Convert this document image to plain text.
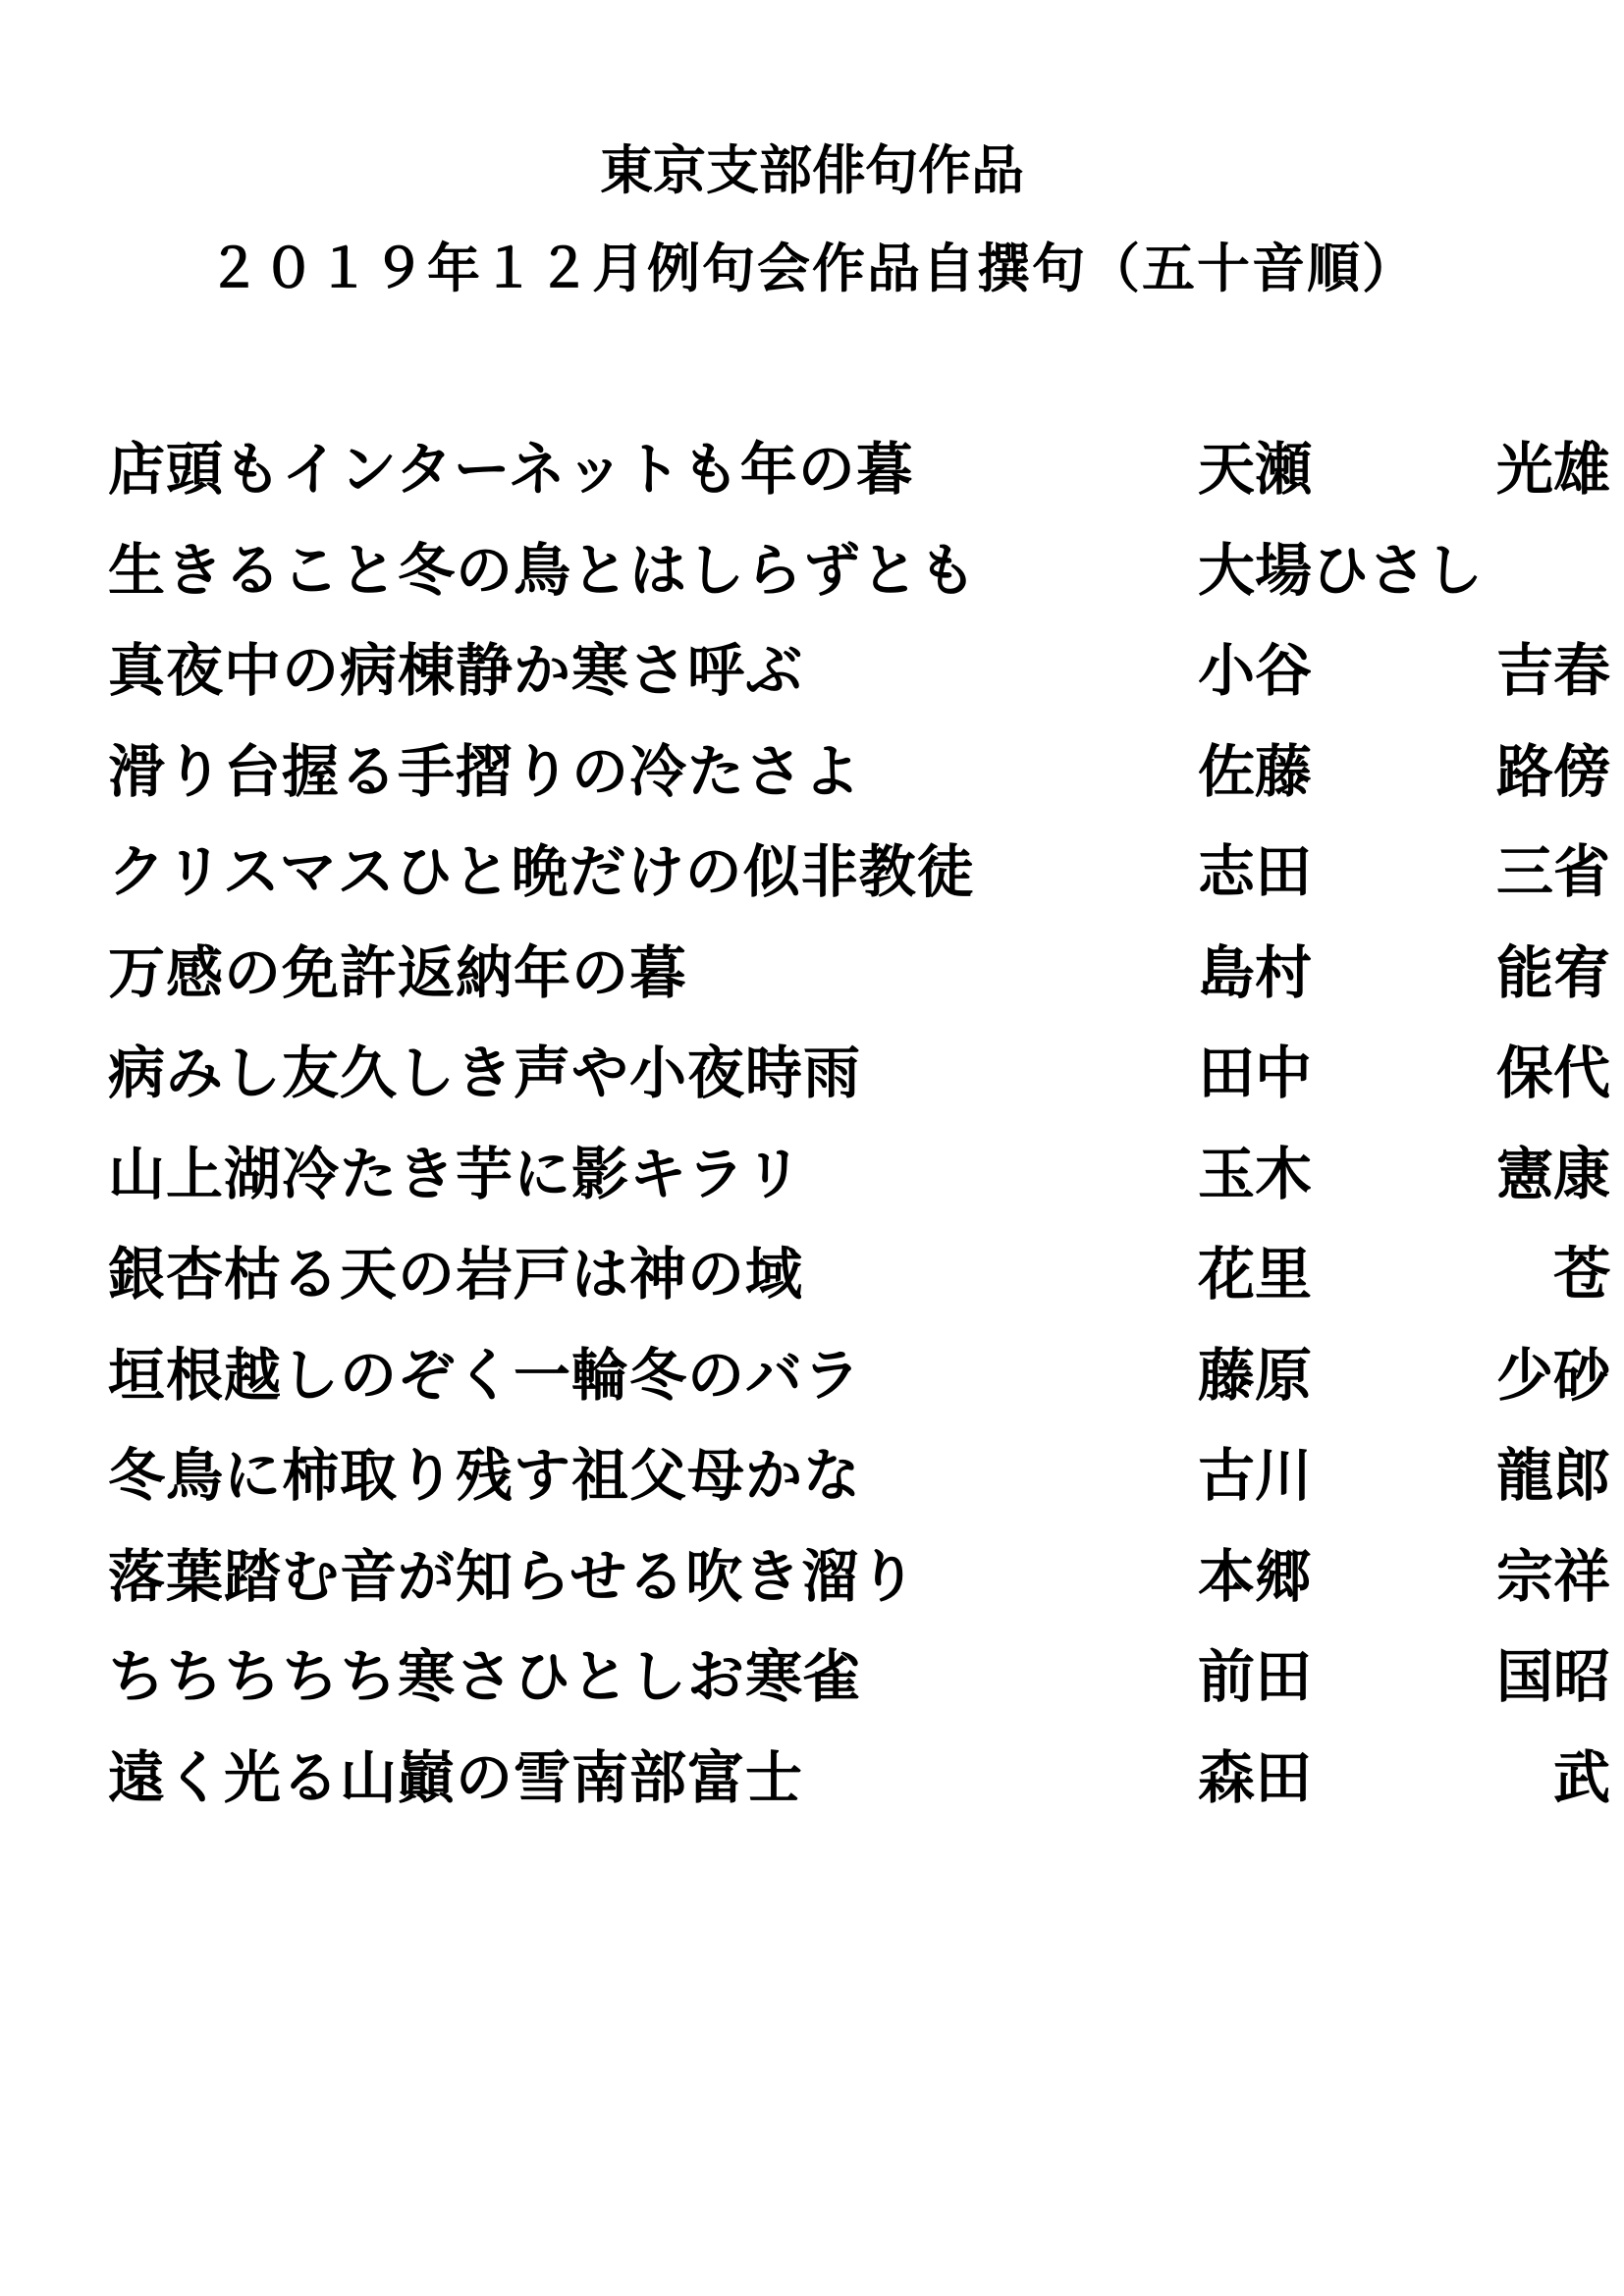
東京支部俳句作品
２０１９年１２月例句会作品自撰句（五十音順）
店頭もインターネットも年の暮	天瀬	光雄
生きること冬の鳥とはしらずとも	大場ひさし
真夜中の病棟静か寒さ呼ぶ	小谷	吉春
滑り台握る手摺りの冷たさよ	佐藤	路傍
クリスマスひと晩だけの似非教徒	志田	三省
万感の免許返納年の暮	島村	能宥
病みし友久しき声や小夜時雨	田中	保代
山上湖冷たき芋に影キラリ	玉木	憲康
銀杏枯る天の岩戸は神の域	花里	苍
垣根越しのぞく一輪冬のバラ	藤原	少砂
冬鳥に柿取り残す祖父母かな	古川	龍郎
落葉踏む音が知らせる吹き溜り	本郷	宗祥
ちちちちち寒さひとしお寒雀	前田	国昭
遠く光る山巓の雪南部富士	森田	武
